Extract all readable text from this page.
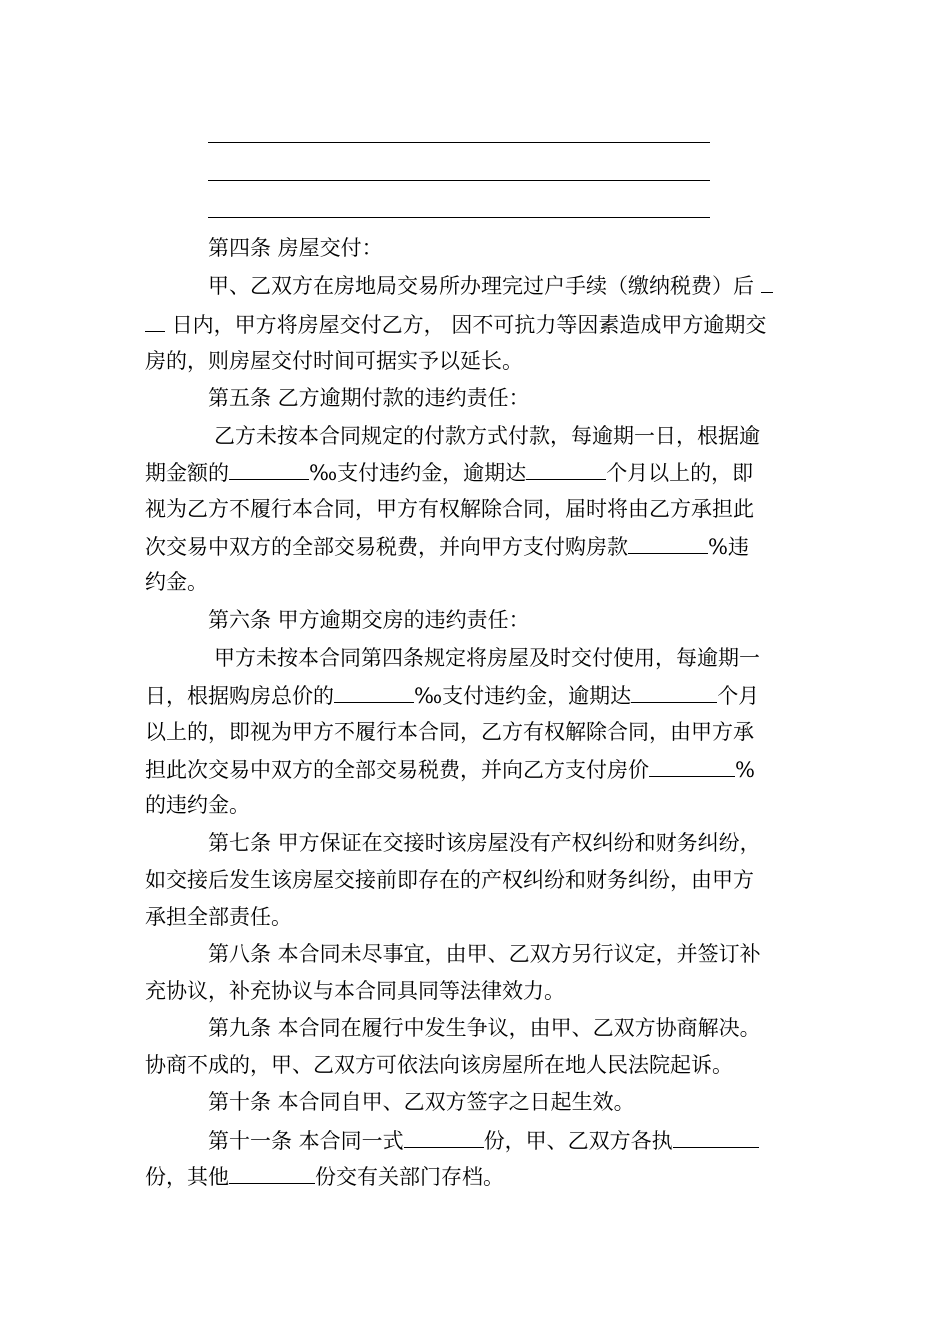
第四条 房屋交付：
甲、乙双方在房地局交易所办理完过户手续（缴纳税费）后
日内，甲方将房屋交付乙方， 因不可抗力等因素造成甲方逾期交
房的，则房屋交付时间可据实予以延长。
第五条 乙方逾期付款的违约责任：
乙方未按本合同规定的付款方式付款，每逾期一日，根据逾
期金额的	‰支付违约金，逾期达	个月以上的，即
视为乙方不履行本合同，甲方有权解除合同，届时将由乙方承担此
次交易中双方的全部交易税费，并向甲方支付购房款	%违
约金。
第六条 甲方逾期交房的违约责任：
甲方未按本合同第四条规定将房屋及时交付使用，每逾期一
日，根据购房总价的	‰支付违约金，逾期达	个月
以上的，即视为甲方不履行本合同，乙方有权解除合同，由甲方承
担此次交易中双方的全部交易税费，并向乙方支付房价	%
的违约金。
第七条 甲方保证在交接时该房屋没有产权纠纷和财务纠纷，
如交接后发生该房屋交接前即存在的产权纠纷和财务纠纷，由甲方
承担全部责任。
第八条 本合同未尽事宜，由甲、乙双方另行议定，并签订补
充协议，补充协议与本合同具同等法律效力。
第九条 本合同在履行中发生争议，由甲、乙双方协商解决。
协商不成的，甲、乙双方可依法向该房屋所在地人民法院起诉。
第十条 本合同自甲、乙双方签字之日起生效。
第十一条 本合同一式	份，甲、乙双方各执
份，其他	份交有关部门存档。
